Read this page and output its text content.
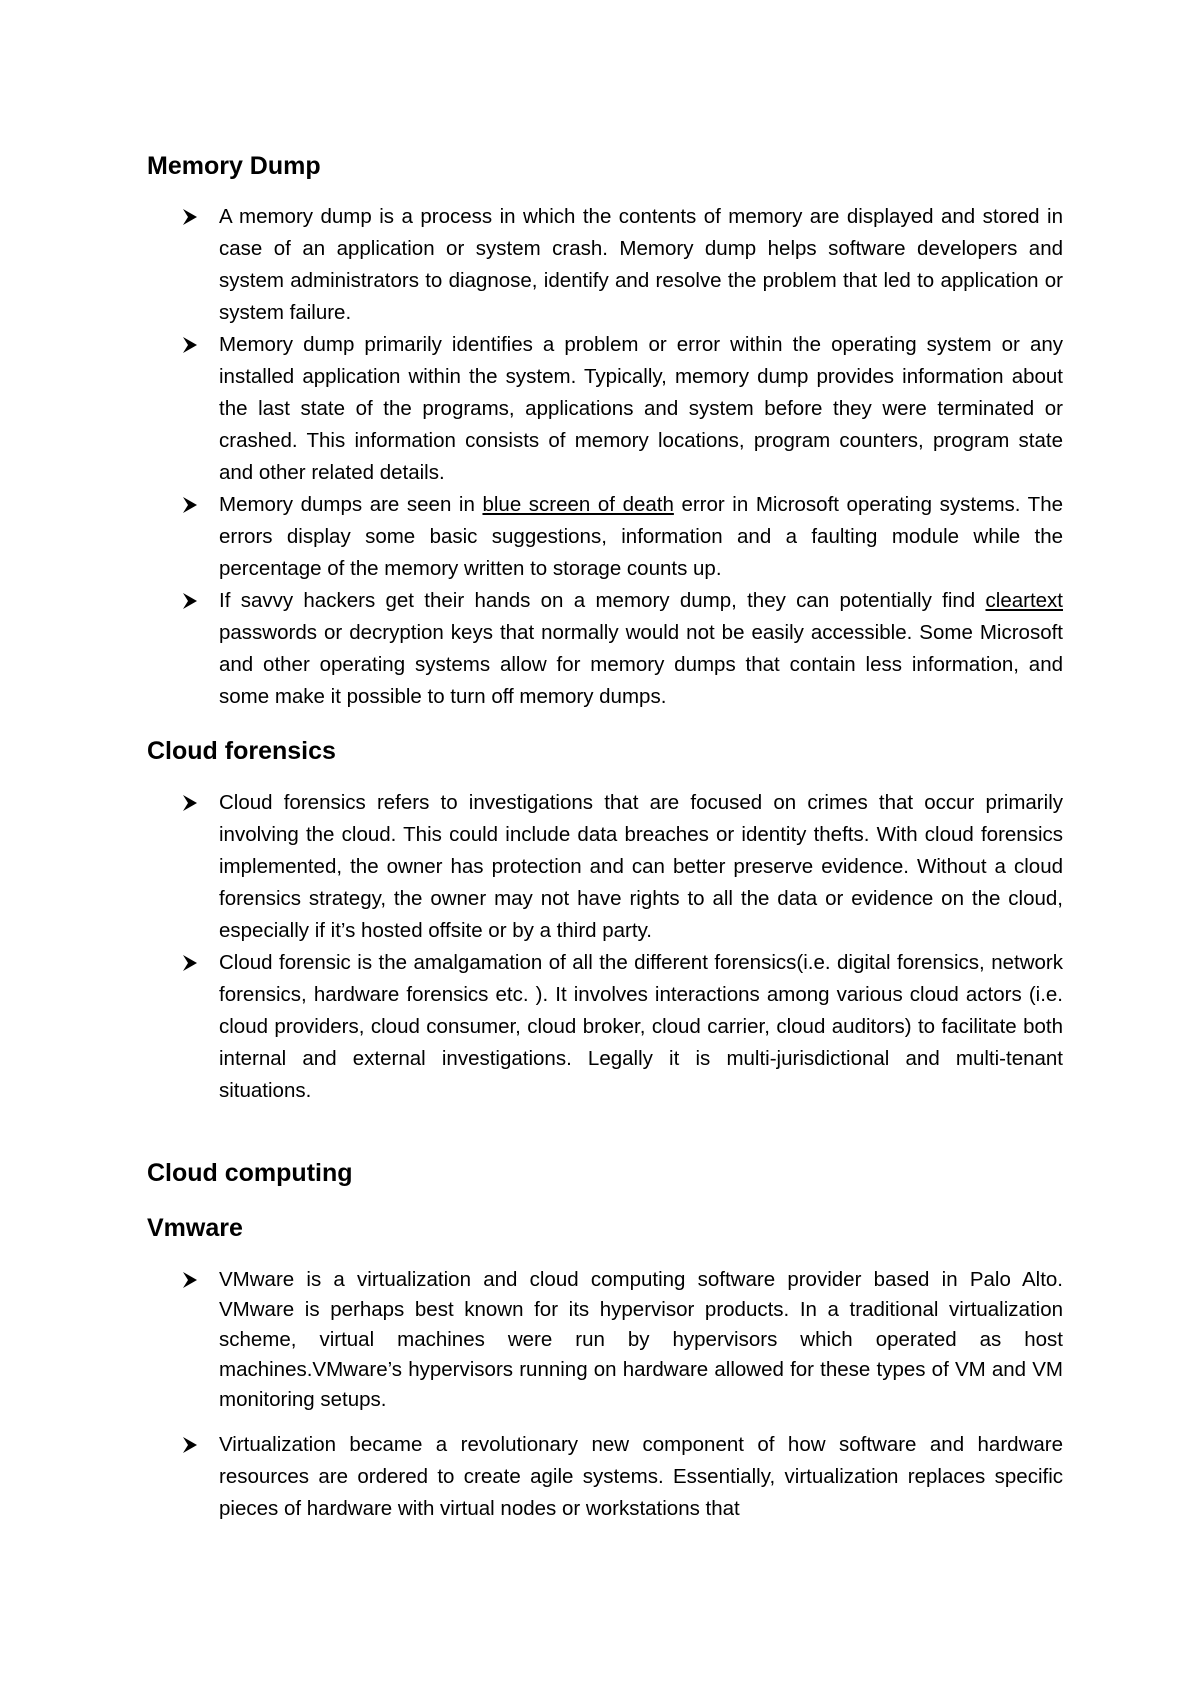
Memory Dump
A memory dump is a process in which the contents of memory are displayed and stored in case of an application or system crash. Memory dump helps software developers and system administrators to diagnose, identify and resolve the problem that led to application or system failure.
Memory dump primarily identifies a problem or error within the operating system or any installed application within the system. Typically, memory dump provides information about the last state of the programs, applications and system before they were terminated or crashed. This information consists of memory locations, program counters, program state and other related details.
Memory dumps are seen in blue screen of death error in Microsoft operating systems. The errors display some basic suggestions, information and a faulting module while the percentage of the memory written to storage counts up.
If savvy hackers get their hands on a memory dump, they can potentially find cleartext passwords or decryption keys that normally would not be easily accessible. Some Microsoft and other operating systems allow for memory dumps that contain less information, and some make it possible to turn off memory dumps.
Cloud forensics
Cloud forensics refers to investigations that are focused on crimes that occur primarily involving the cloud. This could include data breaches or identity thefts. With cloud forensics implemented, the owner has protection and can better preserve evidence. Without a cloud forensics strategy, the owner may not have rights to all the data or evidence on the cloud, especially if it’s hosted offsite or by a third party.
Cloud forensic is the amalgamation of all the different forensics(i.e. digital forensics, network forensics, hardware forensics etc. ). It involves interactions among various cloud actors (i.e. cloud providers, cloud consumer, cloud broker, cloud carrier, cloud auditors) to facilitate both internal and external investigations. Legally it is multi-jurisdictional and multi-tenant situations.
Cloud computing
Vmware
VMware is a virtualization and cloud computing software provider based in Palo Alto. VMware is perhaps best known for its hypervisor products. In a traditional virtualization scheme, virtual machines were run by hypervisors which operated as host machines.VMware’s hypervisors running on hardware allowed for these types of VM and VM monitoring setups.
Virtualization became a revolutionary new component of how software and hardware resources are ordered to create agile systems. Essentially, virtualization replaces specific pieces of hardware with virtual nodes or workstations that
